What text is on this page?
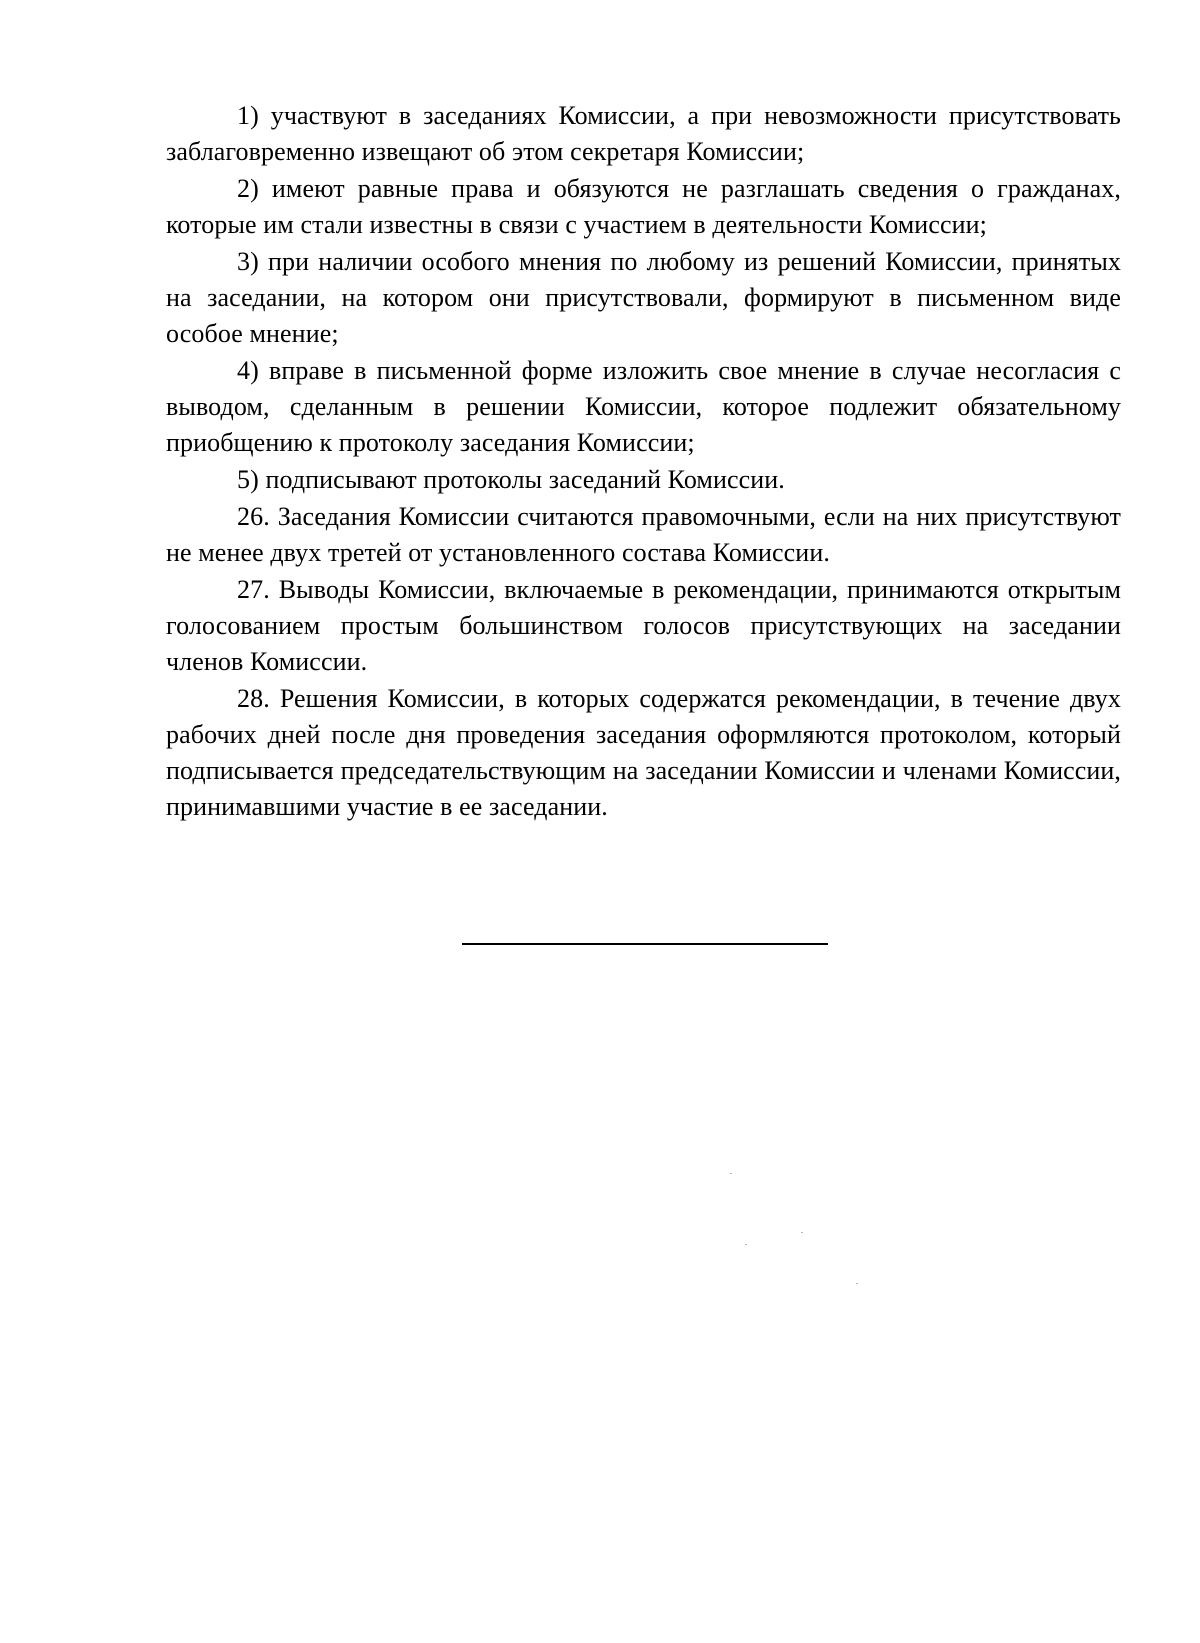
1) участвуют в заседаниях Комиссии, а при невозможности присутствовать заблаговременно извещают об этом секретаря Комиссии;

2) имеют равные права и обязуются не разглашать сведения о гражданах, которые им стали известны в связи с участием в деятельности Комиссии;

3) при наличии особого мнения по любому из решений Комиссии, принятых на заседании, на котором они присутствовали, формируют в письменном виде особое мнение;

4) вправе в письменной форме изложить свое мнение в случае несогласия с выводом, сделанным в решении Комиссии, которое подлежит обязательному приобщению к протоколу заседания Комиссии;

5) подписывают протоколы заседаний Комиссии.

26. Заседания Комиссии считаются правомочными, если на них присутствуют не менее двух третей от установленного состава Комиссии.

27. Выводы Комиссии, включаемые в рекомендации, принимаются открытым голосованием простым большинством голосов присутствующих на заседании членов Комиссии.

28. Решения Комиссии, в которых содержатся рекомендации, в течение двух рабочих дней после дня проведения заседания оформляются протоколом, который подписывается председательствующим на заседании Комиссии и членами Комиссии, принимавшими участие в ее заседании.
